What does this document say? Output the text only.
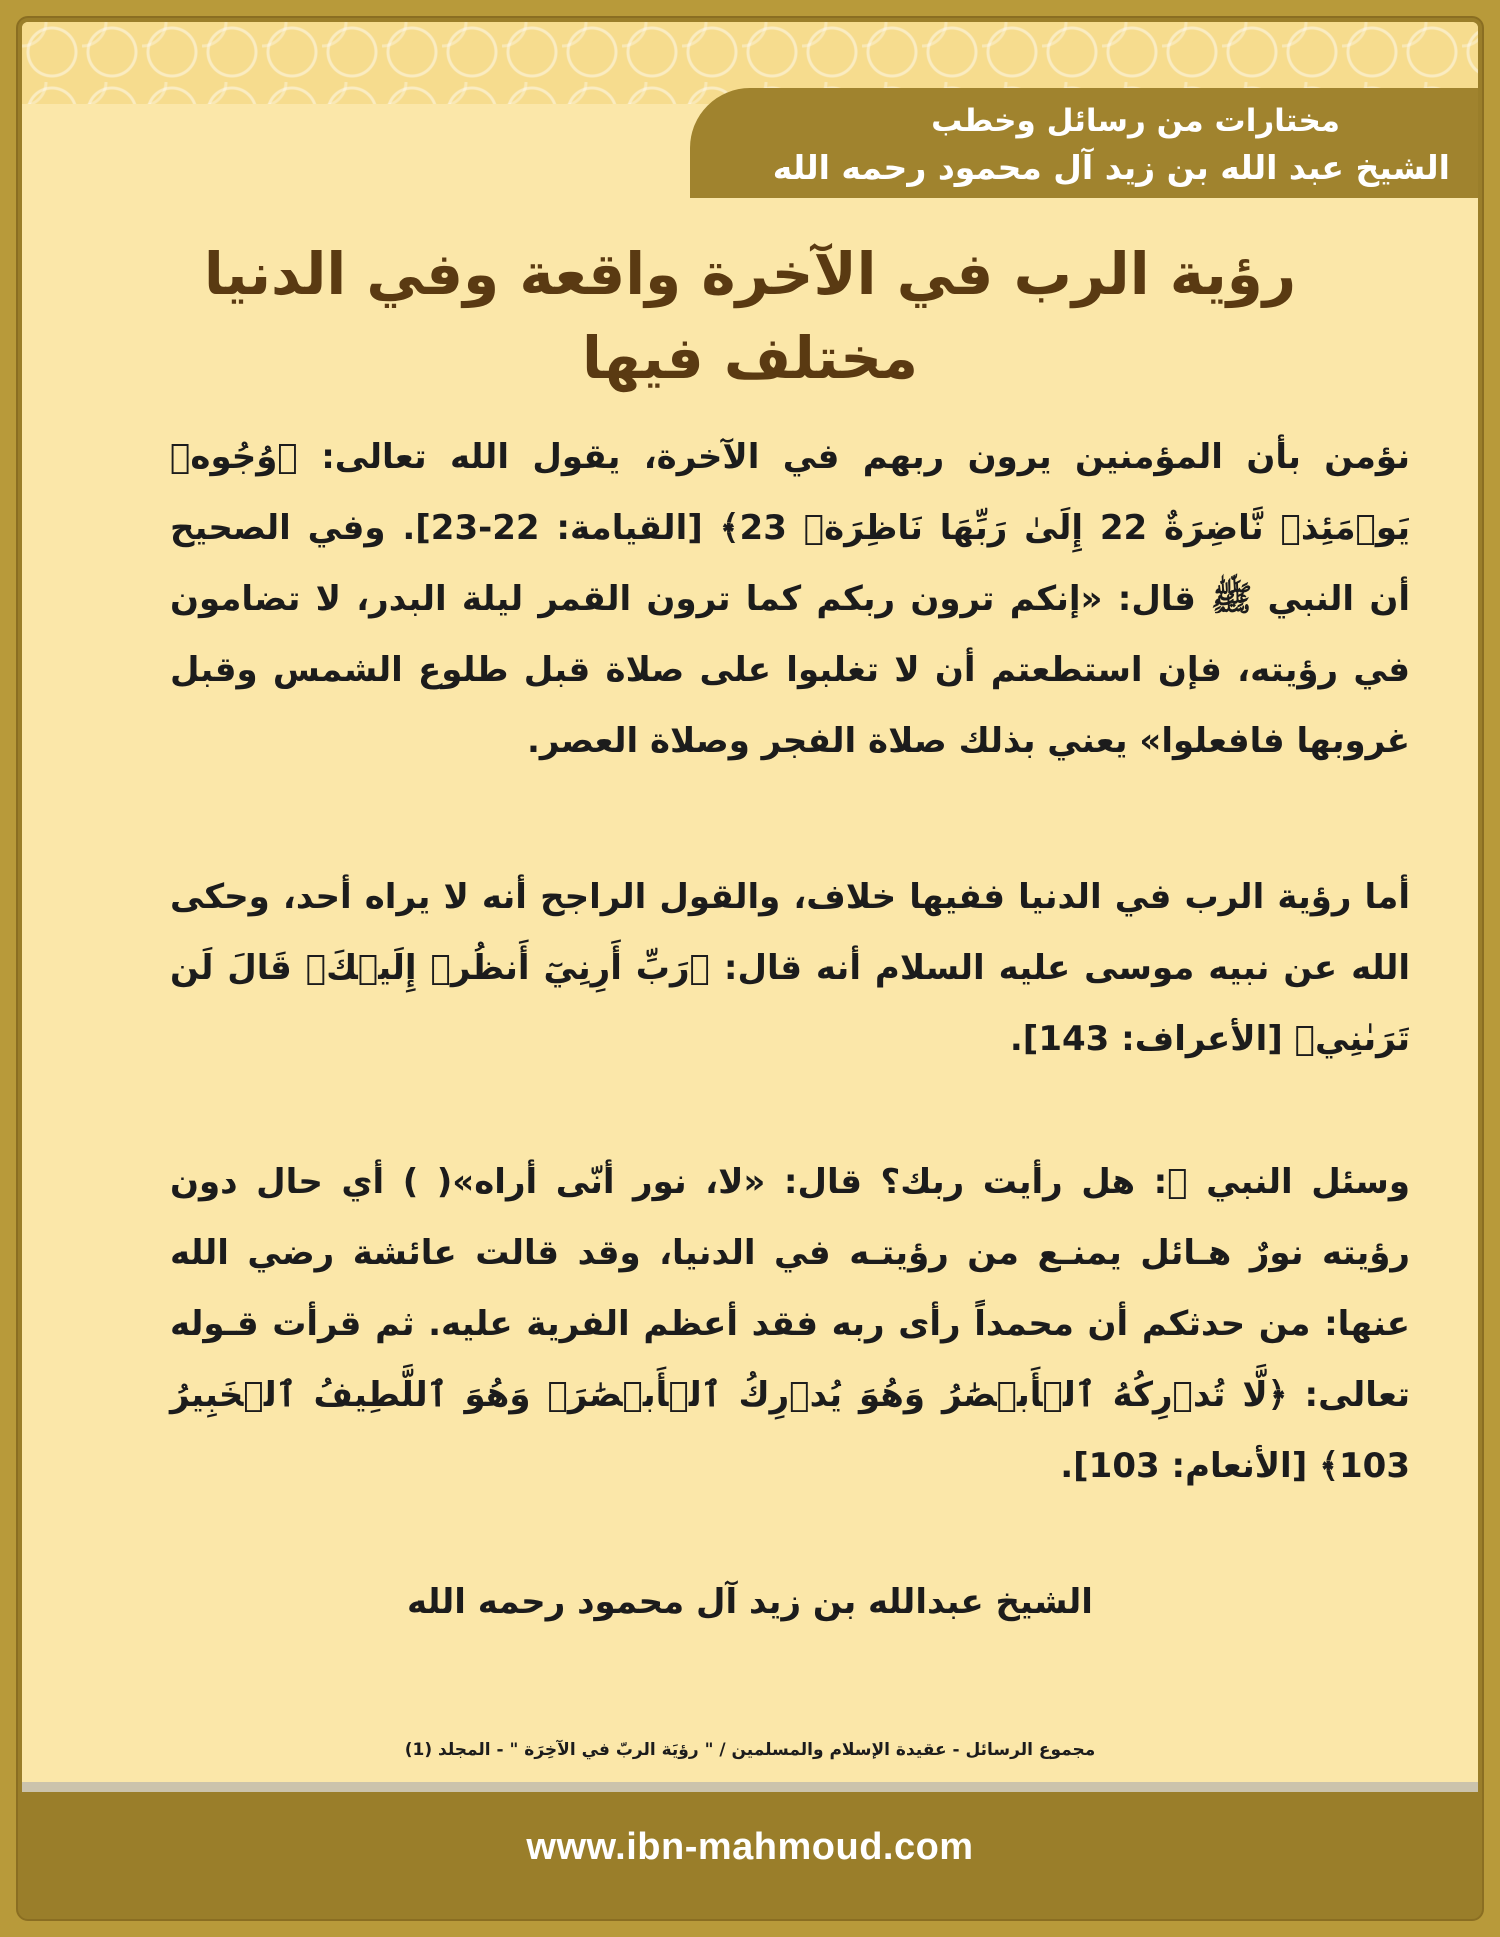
مختارات من رسائل وخطب
الشيخ عبد الله بن زيد آل محمود رحمه الله
رؤية الرب في الآخرة واقعة وفي الدنيا مختلف فيها

نؤمن بأن المؤمنين يرون ربهم في الآخرة، يقول الله تعالى: ﴿وُجُوهٞ يَوۡمَئِذٖ نَّاضِرَةٌ 22 إِلَىٰ رَبِّهَا نَاظِرَةٞ 23﴾ [القيامة: 22-23]. وفي الصحيح أن النبي ﷺ قال: «إنكم ترون ربكم كما ترون القمر ليلة البدر، لا تضامون في رؤيته، فإن استطعتم أن لا تغلبوا على صلاة قبل طلوع الشمس وقبل غروبها فافعلوا» يعني بذلك صلاة الفجر وصلاة العصر.

أما رؤية الرب في الدنيا ففيها خلاف، والقول الراجح أنه لا يراه أحد، وحكى الله عن نبيه موسى عليه السلام أنه قال: ﴿رَبِّ أَرِنِيٓ أَنظُرۡ إِلَيۡكَۚ قَالَ لَن تَرَىٰنِي﴾ [الأعراف: 143].

وسئل النبي ﷺ: هل رأيت ربك؟ قال: «لا، نور أنّى أراه»( ) أي حال دون رؤيته نورٌ هـائل يمنـع من رؤيتـه في الدنيا، وقد قالت عائشة رضي الله عنها: من حدثكم أن محمداً رأى ربه فقد أعظم الفرية عليه. ثم قرأت قـوله تعالى: ﴿لَّا تُدۡرِكُهُ ٱلۡأَبۡصَٰرُ وَهُوَ يُدۡرِكُ ٱلۡأَبۡصَٰرَۖ وَهُوَ ٱللَّطِيفُ ٱلۡخَبِيرُ 103﴾ [الأنعام: 103].

الشيخ عبدالله بن زيد آل محمود رحمه الله
مجموع الرسائل - عقيدة الإسلام والمسلمين / " رؤيَة الربّ في الآخِرَة " - المجلد (1)
www.ibn-mahmoud.com
